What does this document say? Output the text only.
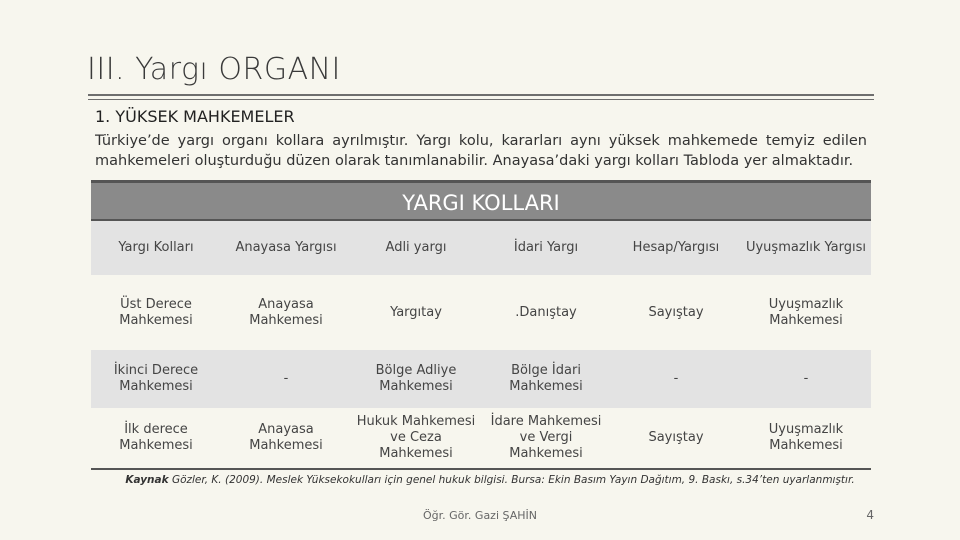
III. Yargı ORGANI
1. YÜKSEK MAHKEMELER
Türkiye’de yargı organı kollara ayrılmıştır. Yargı kolu, kararları aynı yüksek mahkemede temyiz edilen mahkemeleri oluşturduğu düzen olarak tanımlanabilir. Anayasa’daki yargı kolları Tabloda yer almaktadır.
YARGI KOLLARI
Yargı Kolları	Anayasa Yargısı	Adli yargı	İdari Yargı	Hesap/Yargısı	Uyuşmazlık Yargısı
Üst Derece Mahkemesi	Anayasa Mahkemesi	Yargıtay	.Danıştay	Sayıştay	Uyuşmazlık Mahkemesi
İkinci Derece Mahkemesi	-	Bölge Adliye Mahkemesi	Bölge İdari Mahkemesi	-	-
İlk derece Mahkemesi	Anayasa Mahkemesi	Hukuk Mahkemesi ve Ceza Mahkemesi	İdare Mahkemesi ve Vergi Mahkemesi	Sayıştay	Uyuşmazlık Mahkemesi
Kaynak Gözler, K. (2009). Meslek Yüksekokulları için genel hukuk bilgisi. Bursa: Ekin Basım Yayın Dağıtım, 9. Baskı, s.34’ten uyarlanmıştır.
Öğr. Gör. Gazi ŞAHİN	4
